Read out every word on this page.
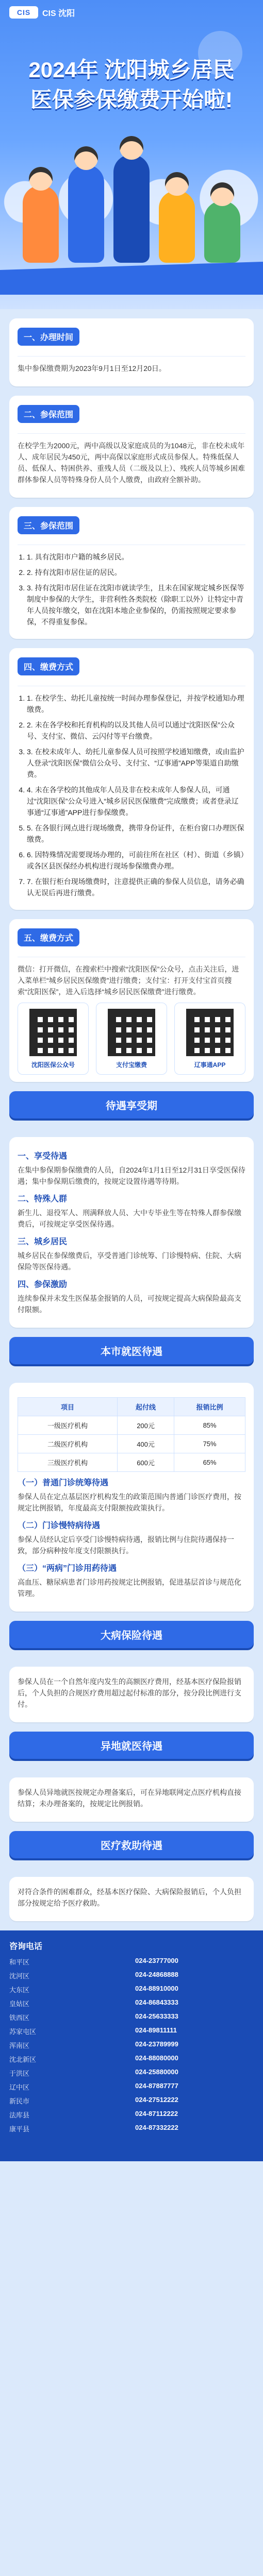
CIS	CIS 沈阳
2024年 沈阳城乡居民
医保参保缴费开始啦!
一、办理时间

集中参保缴费期为2023年9月1日至12月20日。

二、参保范围

在校学生为2000元，两中高级以及家庭成员的为1048元，非在校未成年人、成年居民为450元，两中高保以家庭形式成员参保人。特殊低保人员、低保人、特困供养、重残人员（二级及以上）、残疾人员等城乡困难群体参保人员等特殊身份人员个人缴费，由政府全额补助。

三、参保范围
1. 1. 具有沈阳市户籍的城乡居民。
2. 2. 持有沈阳市居住证的居民。
3. 3. 持有沈阳市居住证在沈阳市就读学生，且未在国家规定城乡医保等制度中参保的大学生，非营利性各类院校（除职工以外）让特定中青年人员按年缴交，如在沈阳本地企业参保的，仍需按照规定要求参保，不得重复参保。
四、缴费方式
1. 1. 在校学生、幼托儿童按统一时间办理参保登记，并按学校通知办理缴费。
2. 2. 未在各学校和托育机构的以及其他人员可以通过“沈阳医保”公众号、支付宝、微信、云闪付等平台缴费。
3. 3. 在校未成年人、幼托儿童参保人员可按照学校通知缴费，或由监护人登录“沈阳医保”微信公众号、支付宝、“辽事通”APP等渠道自助缴费。
4. 4. 未在各学校的其他成年人员及非在校未成年人参保人员，可通过“沈阳医保”公众号进入“城乡居民医保缴费”完成缴费；或者登录辽事通“辽事通”APP进行参保缴费。
5. 5. 在各银行网点进行现场缴费，携带身份证件，在柜台窗口办理医保缴费。
6. 6. 因特殊情况需要现场办理的，可前往所在社区（村）、街道（乡镇）或各区县医保经办机构进行现场参保缴费办理。
7. 7. 在银行柜台现场缴费时，注意提供正确的参保人员信息，请务必确认无误后再进行缴费。
五、缴费方式

微信：打开微信，在搜索栏中搜索“沈阳医保”公众号，点击关注后，进入菜单栏“城乡居民医保缴费”进行缴费；支付宝：打开支付宝首页搜索“沈阳医保”，进入后选择“城乡居民医保缴费”进行缴费。

沈阳医保公众号	支付宝缴费	辽事通APP
待遇享受期
一、享受待遇

在集中参保期参保缴费的人员，自2024年1月1日至12月31日享受医保待遇；集中参保期后缴费的，按规定设置待遇等待期。

二、特殊人群

新生儿、退役军人、刑满释放人员、大中专毕业生等在特殊人群参保缴费后，可按规定享受医保待遇。

三、城乡居民

城乡居民在参保缴费后，享受普通门诊统筹、门诊慢特病、住院、大病保险等医保待遇。

四、参保激励

连续参保并未发生医保基金报销的人员，可按规定提高大病保险最高支付限额。

本市就医待遇
项目	起付线	报销比例
一级医疗机构	200元	85%
二级医疗机构	400元	75%
三级医疗机构	600元	65%
（一）普通门诊统筹待遇

参保人员在定点基层医疗机构发生的政策范围内普通门诊医疗费用，按规定比例报销，年度最高支付限额按政策执行。

（二）门诊慢特病待遇

参保人员经认定后享受门诊慢特病待遇，报销比例与住院待遇保持一致，部分病种按年度支付限额执行。

（三）“两病”门诊用药待遇

高血压、糖尿病患者门诊用药按规定比例报销，促进基层首诊与规范化管理。

大病保险待遇

参保人员在一个自然年度内发生的高额医疗费用，经基本医疗保险报销后，个人负担的合规医疗费用超过起付标准的部分，按分段比例进行支付。

异地就医待遇

参保人员异地就医按规定办理备案后，可在异地联网定点医疗机构直接结算；未办理备案的，按规定比例报销。

医疗救助待遇

对符合条件的困难群众，经基本医疗保险、大病保险报销后，个人负担部分按规定给予医疗救助。

咨询电话
和平区	024-23777000
沈河区	024-24868888
大东区	024-88910000
皇姑区	024-86843333
铁西区	024-25633333
苏家屯区	024-89811111
浑南区	024-23789999
沈北新区	024-88080000
于洪区	024-25880000
辽中区	024-87887777
新民市	024-27512222
法库县	024-87112222
康平县	024-87332222
